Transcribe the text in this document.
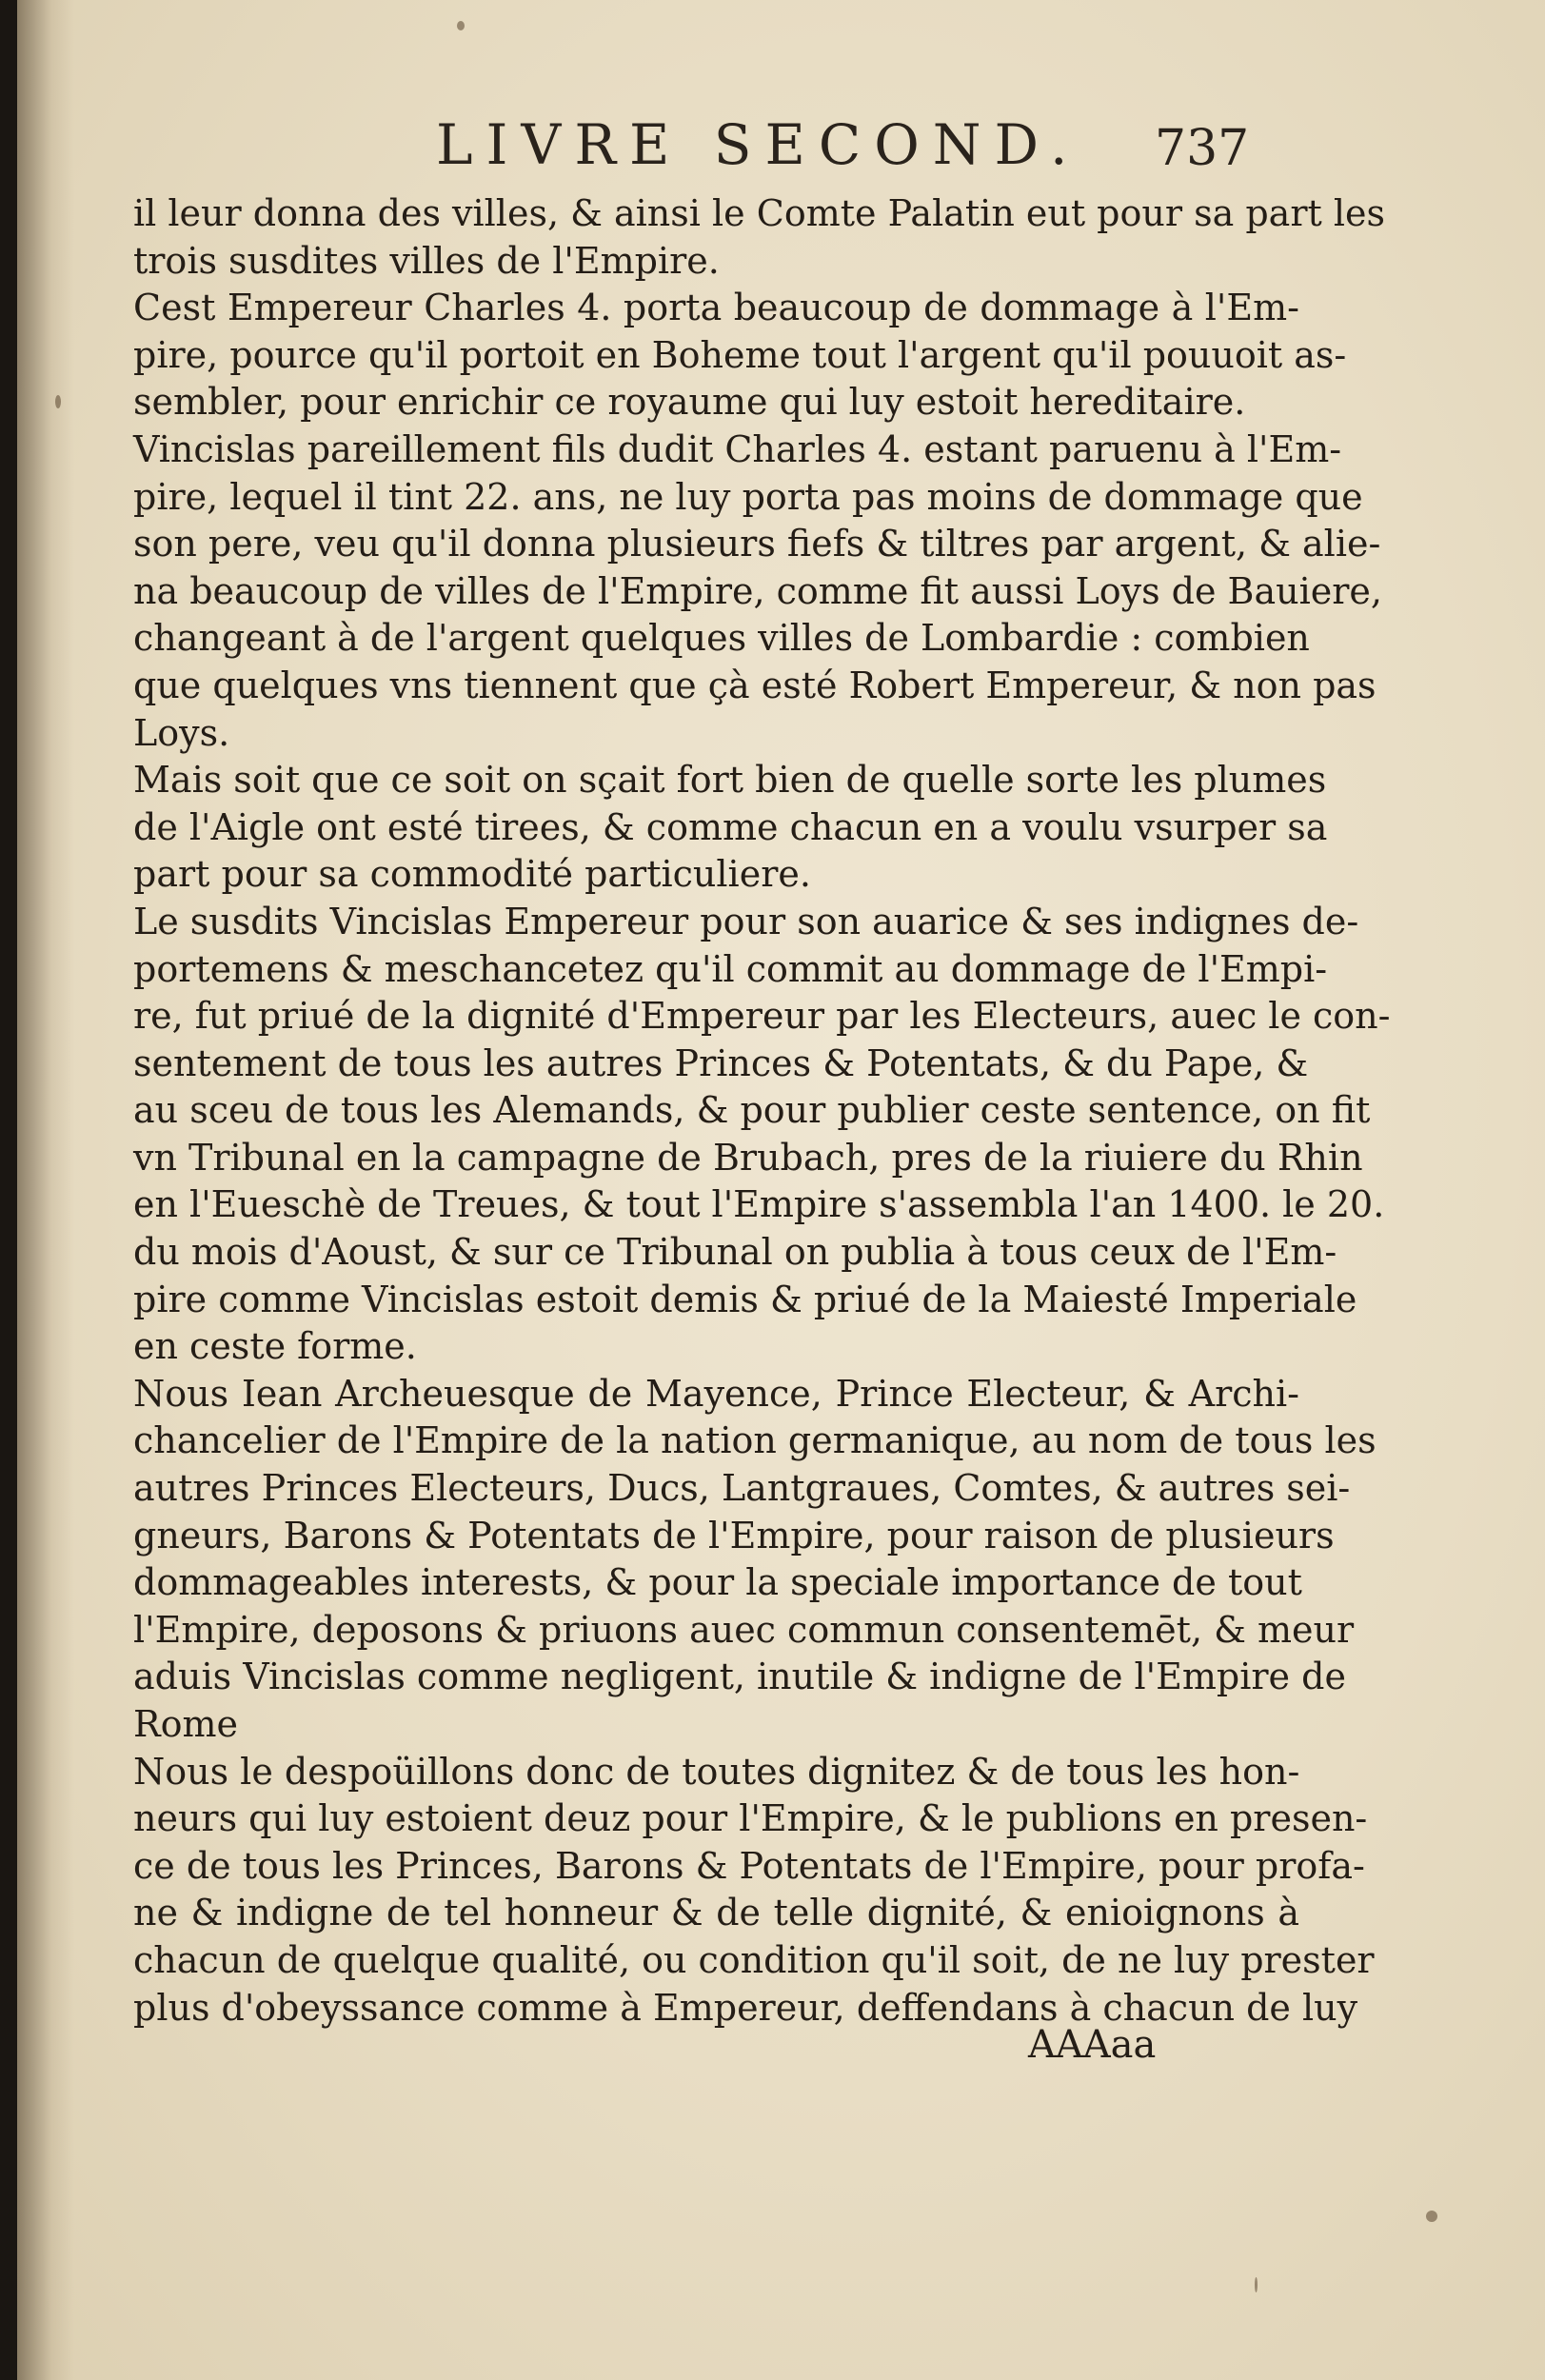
LIVRE SECOND. 737
il leur donna des villes, & ainsi le Comte Palatin eut pour sa part les
trois susdites villes de l'Empire.
Cest Empereur Charles 4. porta beaucoup de dommage à l'Em-
pire, pource qu'il portoit en Boheme tout l'argent qu'il pouuoit as-
sembler, pour enrichir ce royaume qui luy estoit hereditaire.
Vincislas pareillement fils dudit Charles 4. estant paruenu à l'Em-
pire, lequel il tint 22. ans, ne luy porta pas moins de dommage que
son pere, veu qu'il donna plusieurs fiefs & tiltres par argent, & alie-
na beaucoup de villes de l'Empire, comme fit aussi Loys de Bauiere,
changeant à de l'argent quelques villes de Lombardie : combien
que quelques vns tiennent que çà esté Robert Empereur, & non pas
Loys.
Mais soit que ce soit on sçait fort bien de quelle sorte les plumes
de l'Aigle ont esté tirees, & comme chacun en a voulu vsurper sa
part pour sa commodité particuliere.
Le susdits Vincislas Empereur pour son auarice & ses indignes de-
portemens & meschancetez qu'il commit au dommage de l'Empi-
re, fut priué de la dignité d'Empereur par les Electeurs, auec le con-
sentement de tous les autres Princes & Potentats, & du Pape, &
au sceu de tous les Alemands, & pour publier ceste sentence, on fit
vn Tribunal en la campagne de Brubach, pres de la riuiere du Rhin
en l'Eueschè de Treues, & tout l'Empire s'assembla l'an 1400. le 20.
du mois d'Aoust, & sur ce Tribunal on publia à tous ceux de l'Em-
pire comme Vincislas estoit demis & priué de la Maiesté Imperiale
en ceste forme.
Nous Iean Archeuesque de Mayence, Prince Electeur, & Archi-
chancelier de l'Empire de la nation germanique, au nom de tous les
autres Princes Electeurs, Ducs, Lantgraues, Comtes, & autres sei-
gneurs, Barons & Potentats de l'Empire, pour raison de plusieurs
dommageables interests, & pour la speciale importance de tout
l'Empire, deposons & priuons auec commun consentemēt, & meur
aduis Vincislas comme negligent, inutile & indigne de l'Empire de
Rome
Nous le despoüillons donc de toutes dignitez & de tous les hon-
neurs qui luy estoient deuz pour l'Empire, & le publions en presen-
ce de tous les Princes, Barons & Potentats de l'Empire, pour profa-
ne & indigne de tel honneur & de telle dignité, & enioignons à
chacun de quelque qualité, ou condition qu'il soit, de ne luy prester
plus d'obeyssance comme à Empereur, deffendans à chacun de luy
AAAaa
